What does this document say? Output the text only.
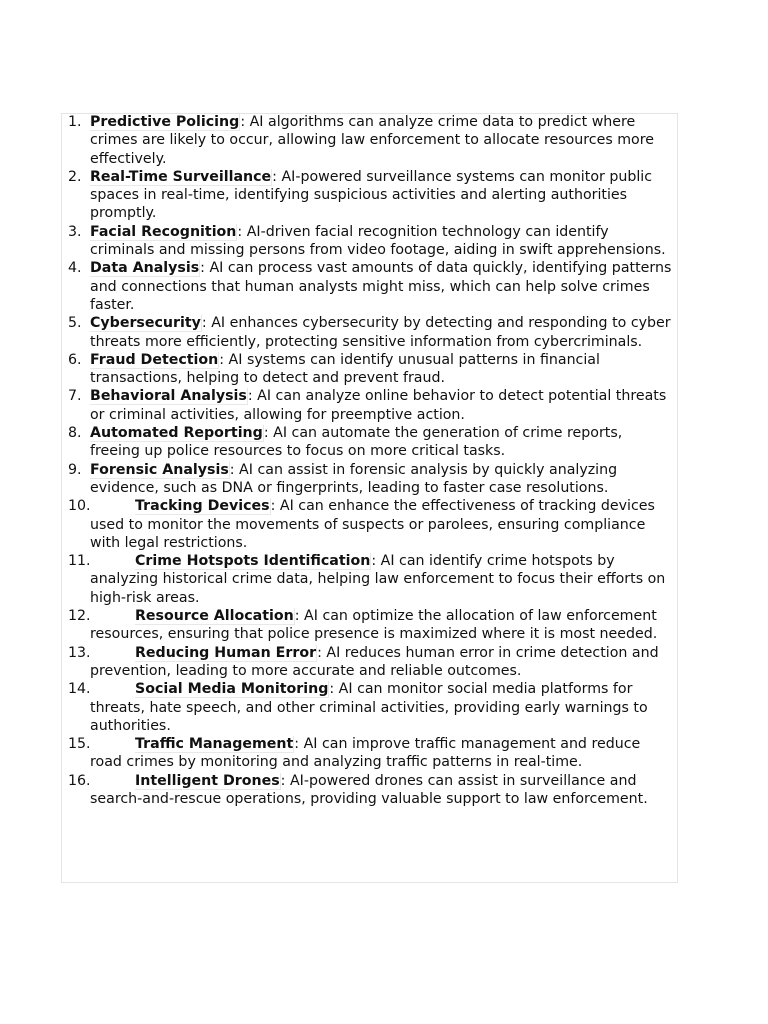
1. Predictive Policing: AI algorithms can analyze crime data to predict where crimes are likely to occur, allowing law enforcement to allocate resources more effectively.
2. Real-Time Surveillance: AI-powered surveillance systems can monitor public spaces in real-time, identifying suspicious activities and alerting authorities promptly.
3. Facial Recognition: AI-driven facial recognition technology can identify criminals and missing persons from video footage, aiding in swift apprehensions.
4. Data Analysis: AI can process vast amounts of data quickly, identifying patterns and connections that human analysts might miss, which can help solve crimes faster.
5. Cybersecurity: AI enhances cybersecurity by detecting and responding to cyber threats more efficiently, protecting sensitive information from cybercriminals.
6. Fraud Detection: AI systems can identify unusual patterns in financial transactions, helping to detect and prevent fraud.
7. Behavioral Analysis: AI can analyze online behavior to detect potential threats or criminal activities, allowing for preemptive action.
8. Automated Reporting: AI can automate the generation of crime reports, freeing up police resources to focus on more critical tasks.
9. Forensic Analysis: AI can assist in forensic analysis by quickly analyzing evidence, such as DNA or fingerprints, leading to faster case resolutions.
10.	Tracking Devices: AI can enhance the effectiveness of tracking devices used to monitor the movements of suspects or parolees, ensuring compliance with legal restrictions.
11.	Crime Hotspots Identification: AI can identify crime hotspots by analyzing historical crime data, helping law enforcement to focus their efforts on high-risk areas.
12.	Resource Allocation: AI can optimize the allocation of law enforcement resources, ensuring that police presence is maximized where it is most needed.
13.	Reducing Human Error: AI reduces human error in crime detection and prevention, leading to more accurate and reliable outcomes.
14.	Social Media Monitoring: AI can monitor social media platforms for threats, hate speech, and other criminal activities, providing early warnings to authorities.
15.	Traffic Management: AI can improve traffic management and reduce road crimes by monitoring and analyzing traffic patterns in real-time.
16.	Intelligent Drones: AI-powered drones can assist in surveillance and search-and-rescue operations, providing valuable support to law enforcement.
